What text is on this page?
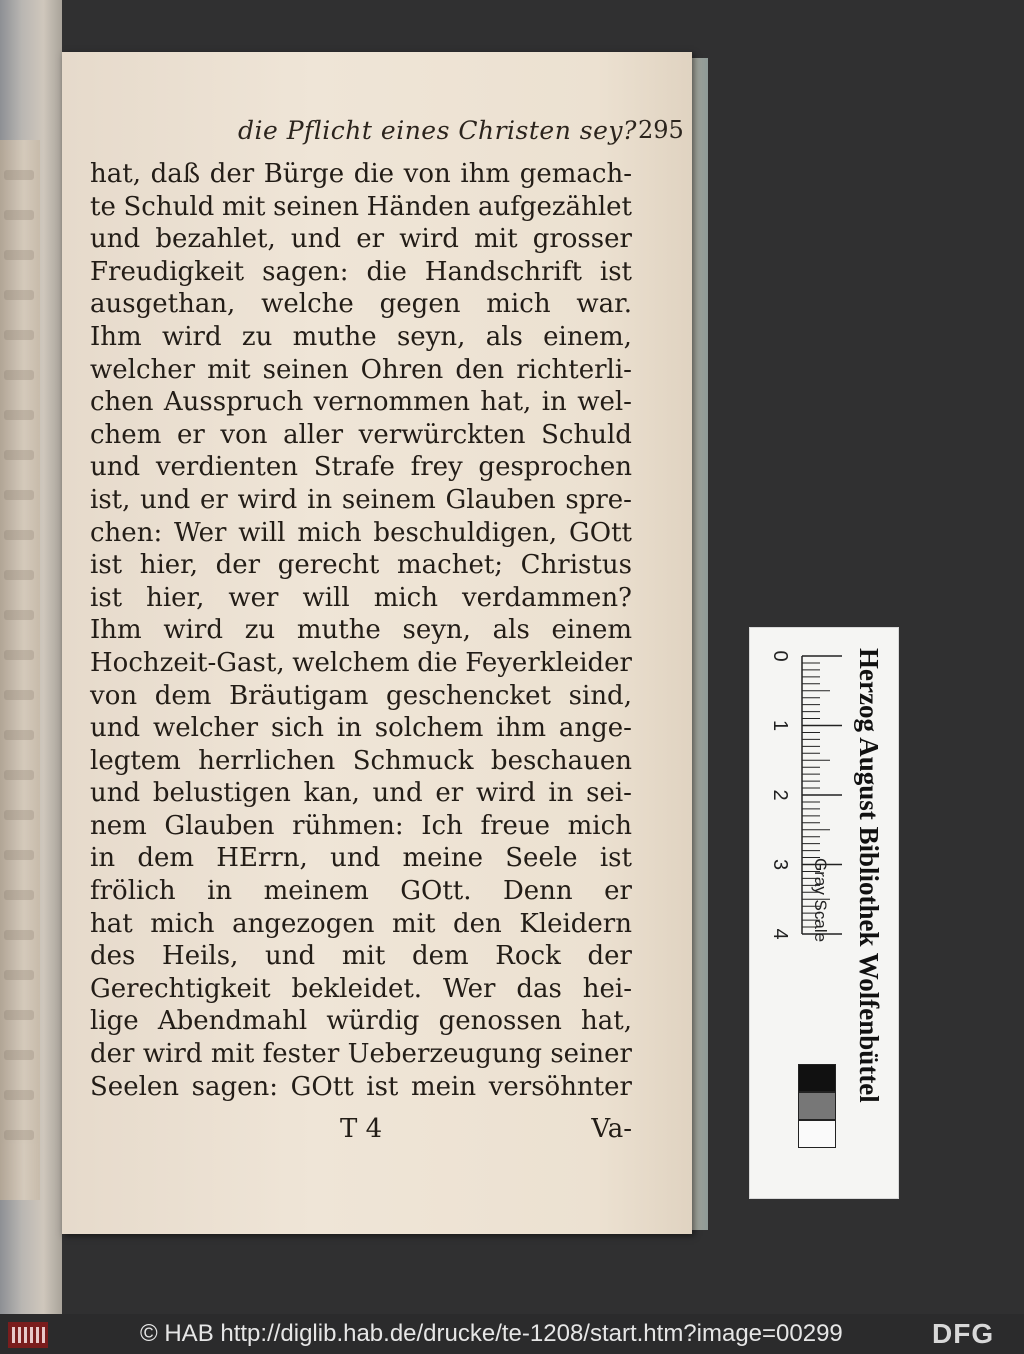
die Pflicht eines Christen sey? 295
hat, daß der Bürge die von ihm gemach-
te Schuld mit seinen Händen aufgezählet
und bezahlet, und er wird mit grosser
Freudigkeit sagen: die Handschrift ist
ausgethan, welche gegen mich war.
Ihm wird zu muthe seyn, als einem,
welcher mit seinen Ohren den richterli-
chen Ausspruch vernommen hat, in wel-
chem er von aller verwürckten Schuld
und verdienten Strafe frey gesprochen
ist, und er wird in seinem Glauben spre-
chen: Wer will mich beschuldigen, GOtt
ist hier, der gerecht machet; Christus
ist hier, wer will mich verdammen?
Ihm wird zu muthe seyn, als einem
Hochzeit-Gast, welchem die Feyerkleider
von dem Bräutigam geschencket sind,
und welcher sich in solchem ihm ange-
legtem herrlichen Schmuck beschauen
und belustigen kan, und er wird in sei-
nem Glauben rühmen: Ich freue mich
in dem HErrn, und meine Seele ist
frölich in meinem GOtt. Denn er
hat mich angezogen mit den Kleidern
des Heils, und mit dem Rock der
Gerechtigkeit bekleidet. Wer das hei-
lige Abendmahl würdig genossen hat,
der wird mit fester Ueberzeugung seiner
Seelen sagen: GOtt ist mein versöhnter
T 4	Va-
0
1
2
3
4 Herzog August Bibliothek Wolfenbüttel
Gray Scale
© HAB http://diglib.hab.de/drucke/te-1208/start.htm?image=00299	DFG
